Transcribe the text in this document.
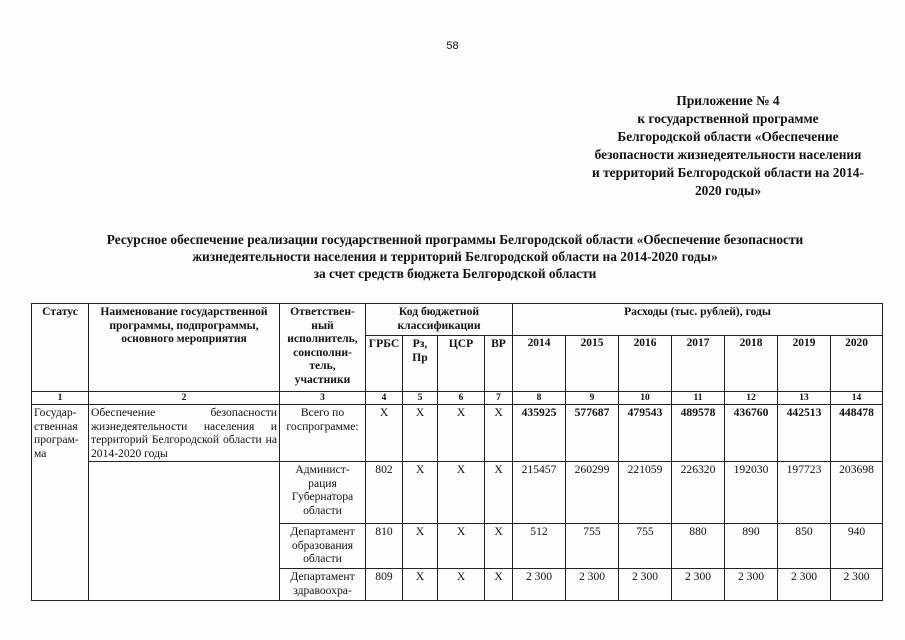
58
Приложение № 4
к государственной программе
Белгородской области «Обеспечение
безопасности жизнедеятельности населения
и территорий Белгородской области на 2014-
2020 годы»
Ресурсное обеспечение реализации государственной программы Белгородской области «Обеспечение безопасности
жизнедеятельности населения и территорий Белгородской области на 2014-2020 годы»
за счет средств бюджета Белгородской области
Статус	Наименование государственной программы, подпрограммы, основного мероприятия	Ответствен-ный исполнитель, соисполни-тель, участники	Код бюджетной классификации				Расходы (тыс. рублей), годы						
			ГРБС	Рз, Пр	ЦСР	ВР	2014	2015	2016	2017	2018	2019	2020
1	2	3	4	5	6	7	8	9	10	11	12	13	14
Государ-ственная програм-ма	Обеспечение безопасности жизнедеятельности населения и территорий Белгородской области на 2014-2020 годы	Всего по госпрограмме:	Х	Х	Х	Х	435925	577687	479543	489578	436760	442513	448478
		Админист-рация Губернатора области	802	Х	Х	Х	215457	260299	221059	226320	192030	197723	203698
		Департамент образования области	810	Х	Х	Х	512	755	755	880	890	850	940
		Департамент здравоохра-	809	Х	Х	Х	2 300	2 300	2 300	2 300	2 300	2 300	2 300
